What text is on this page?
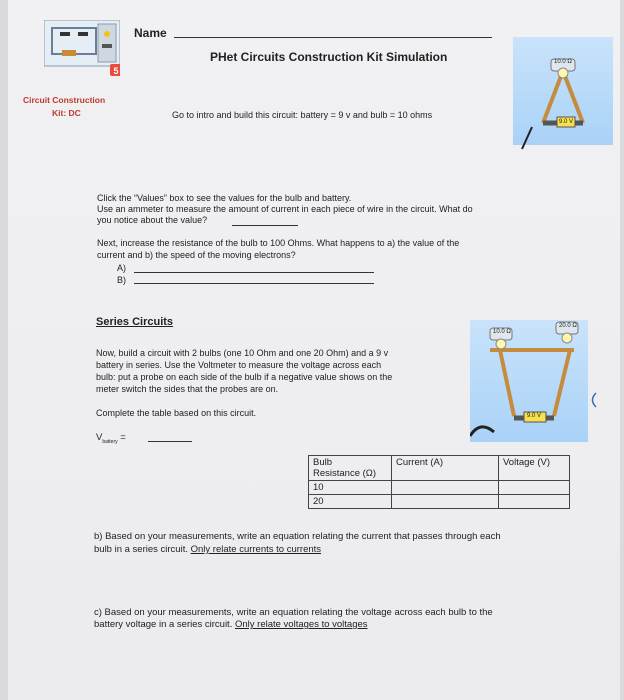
5
Circuit Construction
Kit: DC
Name
PHet Circuits Construction Kit Simulation
Go to intro and build this circuit: battery = 9 v and bulb = 10 ohms
10.0 Ω
9.0 V
Click the “Values” box to see the values for the bulb and battery.
Use an ammeter to measure the amount of current in each piece of wire in the circuit. What do
you notice about the value?
Next, increase the resistance of the bulb to 100 Ohms. What happens to a) the value of the
current and b) the speed of the moving electrons?
A)
B)
Series Circuits
Now, build a circuit with 2 bulbs (one 10 Ohm and one 20 Ohm) and a 9 v
battery in series. Use the Voltmeter to measure the voltage across each
bulb: put a probe on each side of the bulb if a negative value shows on the
meter switch the sides that the probes are on.
Complete the table based on this circuit.
$V_{battery}$ =
10.0 Ω
20.0 Ω
9.0 V
Bulb
Resistance (Ω)	Current (A)	Voltage (V)
10		
20		
b) Based on your measurements, write an equation relating the current that passes through each
bulb in a series circuit. Only relate currents to currents
c) Based on your measurements, write an equation relating the voltage across each bulb to the
battery voltage in a series circuit. Only relate voltages to voltages
